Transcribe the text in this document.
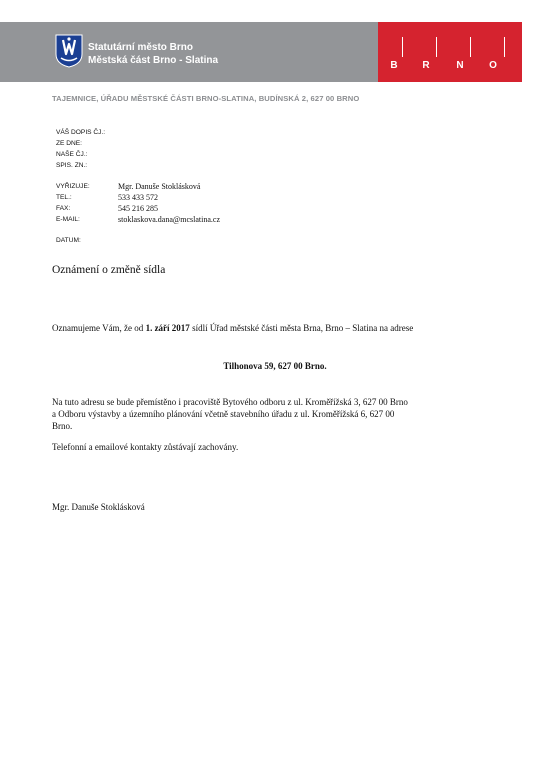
Statutární město Brno
Městská část Brno - Slatina	B	R	N	O
TAJEMNICE, ÚŘADU MĚSTSKÉ ČÁSTI BRNO-SLATINA, BUDÍNSKÁ 2, 627 00 BRNO
VÁŠ DOPIS ČJ.:
ZE DNE:
NAŠE ČJ.:
SPIS. ZN.:
VYŘIZUJE:	Mgr. Danuše Stoklásková
TEL.:	533 433 572
FAX:	545 216 285
E-MAIL:	stoklaskova.dana@mcslatina.cz
DATUM:
Oznámení o změně sídla
Oznamujeme Vám, že od 1. září 2017 sídlí Úřad městské části města Brna, Brno – Slatina na adrese
Tilhonova 59, 627 00 Brno.
Na tuto adresu se bude přemístěno i pracoviště Bytového odboru z ul. Kroměřížská 3, 627 00 Brno
a Odboru výstavby a územního plánování včetně stavebního úřadu z ul. Kroměřížská 6, 627 00
Brno.
Telefonní a emailové kontakty zůstávají zachovány.
Mgr. Danuše Stoklásková
